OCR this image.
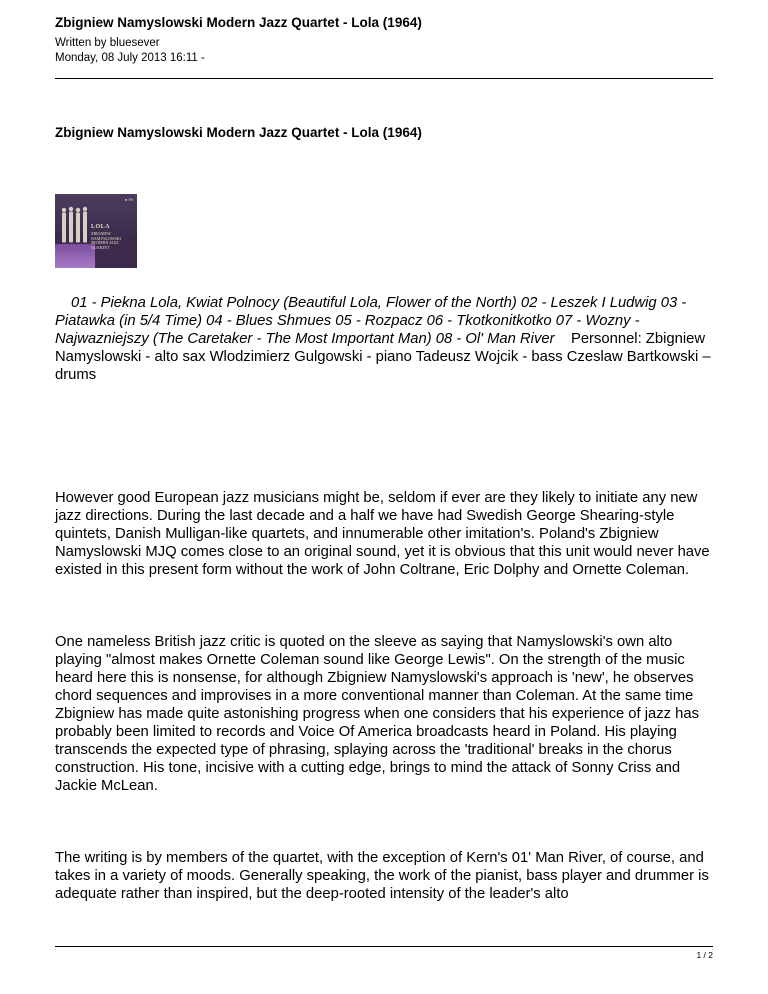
Zbigniew Namyslowski Modern Jazz Quartet - Lola (1964)
Written by bluesever
Monday, 08 July 2013 16:11 -
Zbigniew Namyslowski Modern Jazz Quartet - Lola (1964)
● 99
LOLA
ZBIGNIEW NAMYSLOWSKI MODERN JAZZ QUARTET

01 - Piekna Lola, Kwiat Polnocy (Beautiful Lola, Flower of the North) 02 - Leszek I Ludwig 03 - Piatawka (in 5/4 Time) 04 - Blues Shmues 05 - Rozpacz 06 - Tkotkonitkotko 07 - Wozny - Najwazniejszy (The Caretaker - The Most Important Man) 08 - Ol' Man River Personnel: Zbigniew Namyslowski - alto sax Wlodzimierz Gulgowski - piano Tadeusz Wojcik - bass Czeslaw Bartkowski – drums

However good European jazz musicians might be, seldom if ever are they likely to initiate any new jazz directions. During the last decade and a half we have had Swedish George Shearing-style quintets, Danish Mulligan-like quartets, and innumerable other imitation's. Poland's Zbigniew Namyslowski MJQ comes close to an original sound, yet it is obvious that this unit would never have existed in this present form without the work of John Coltrane, Eric Dolphy and Ornette Coleman.

One nameless British jazz critic is quoted on the sleeve as saying that Namyslowski's own alto playing "almost makes Ornette Coleman sound like George Lewis". On the strength of the music heard here this is nonsense, for although Zbigniew Namyslowski's approach is 'new', he observes chord sequences and improvises in a more conventional manner than Coleman. At the same time Zbigniew has made quite astonishing progress when one considers that his experience of jazz has probably been limited to records and Voice Of America broadcasts heard in Poland. His playing transcends the expected type of phrasing, splaying across the 'traditional' breaks in the chorus construction. His tone, incisive with a cutting edge, brings to mind the attack of Sonny Criss and Jackie McLean.

The writing is by members of the quartet, with the exception of Kern's 01' Man River, of course, and takes in a variety of moods. Generally speaking, the work of the pianist, bass player and drummer is adequate rather than inspired, but the deep-rooted intensity of the leader's alto

1 / 2
